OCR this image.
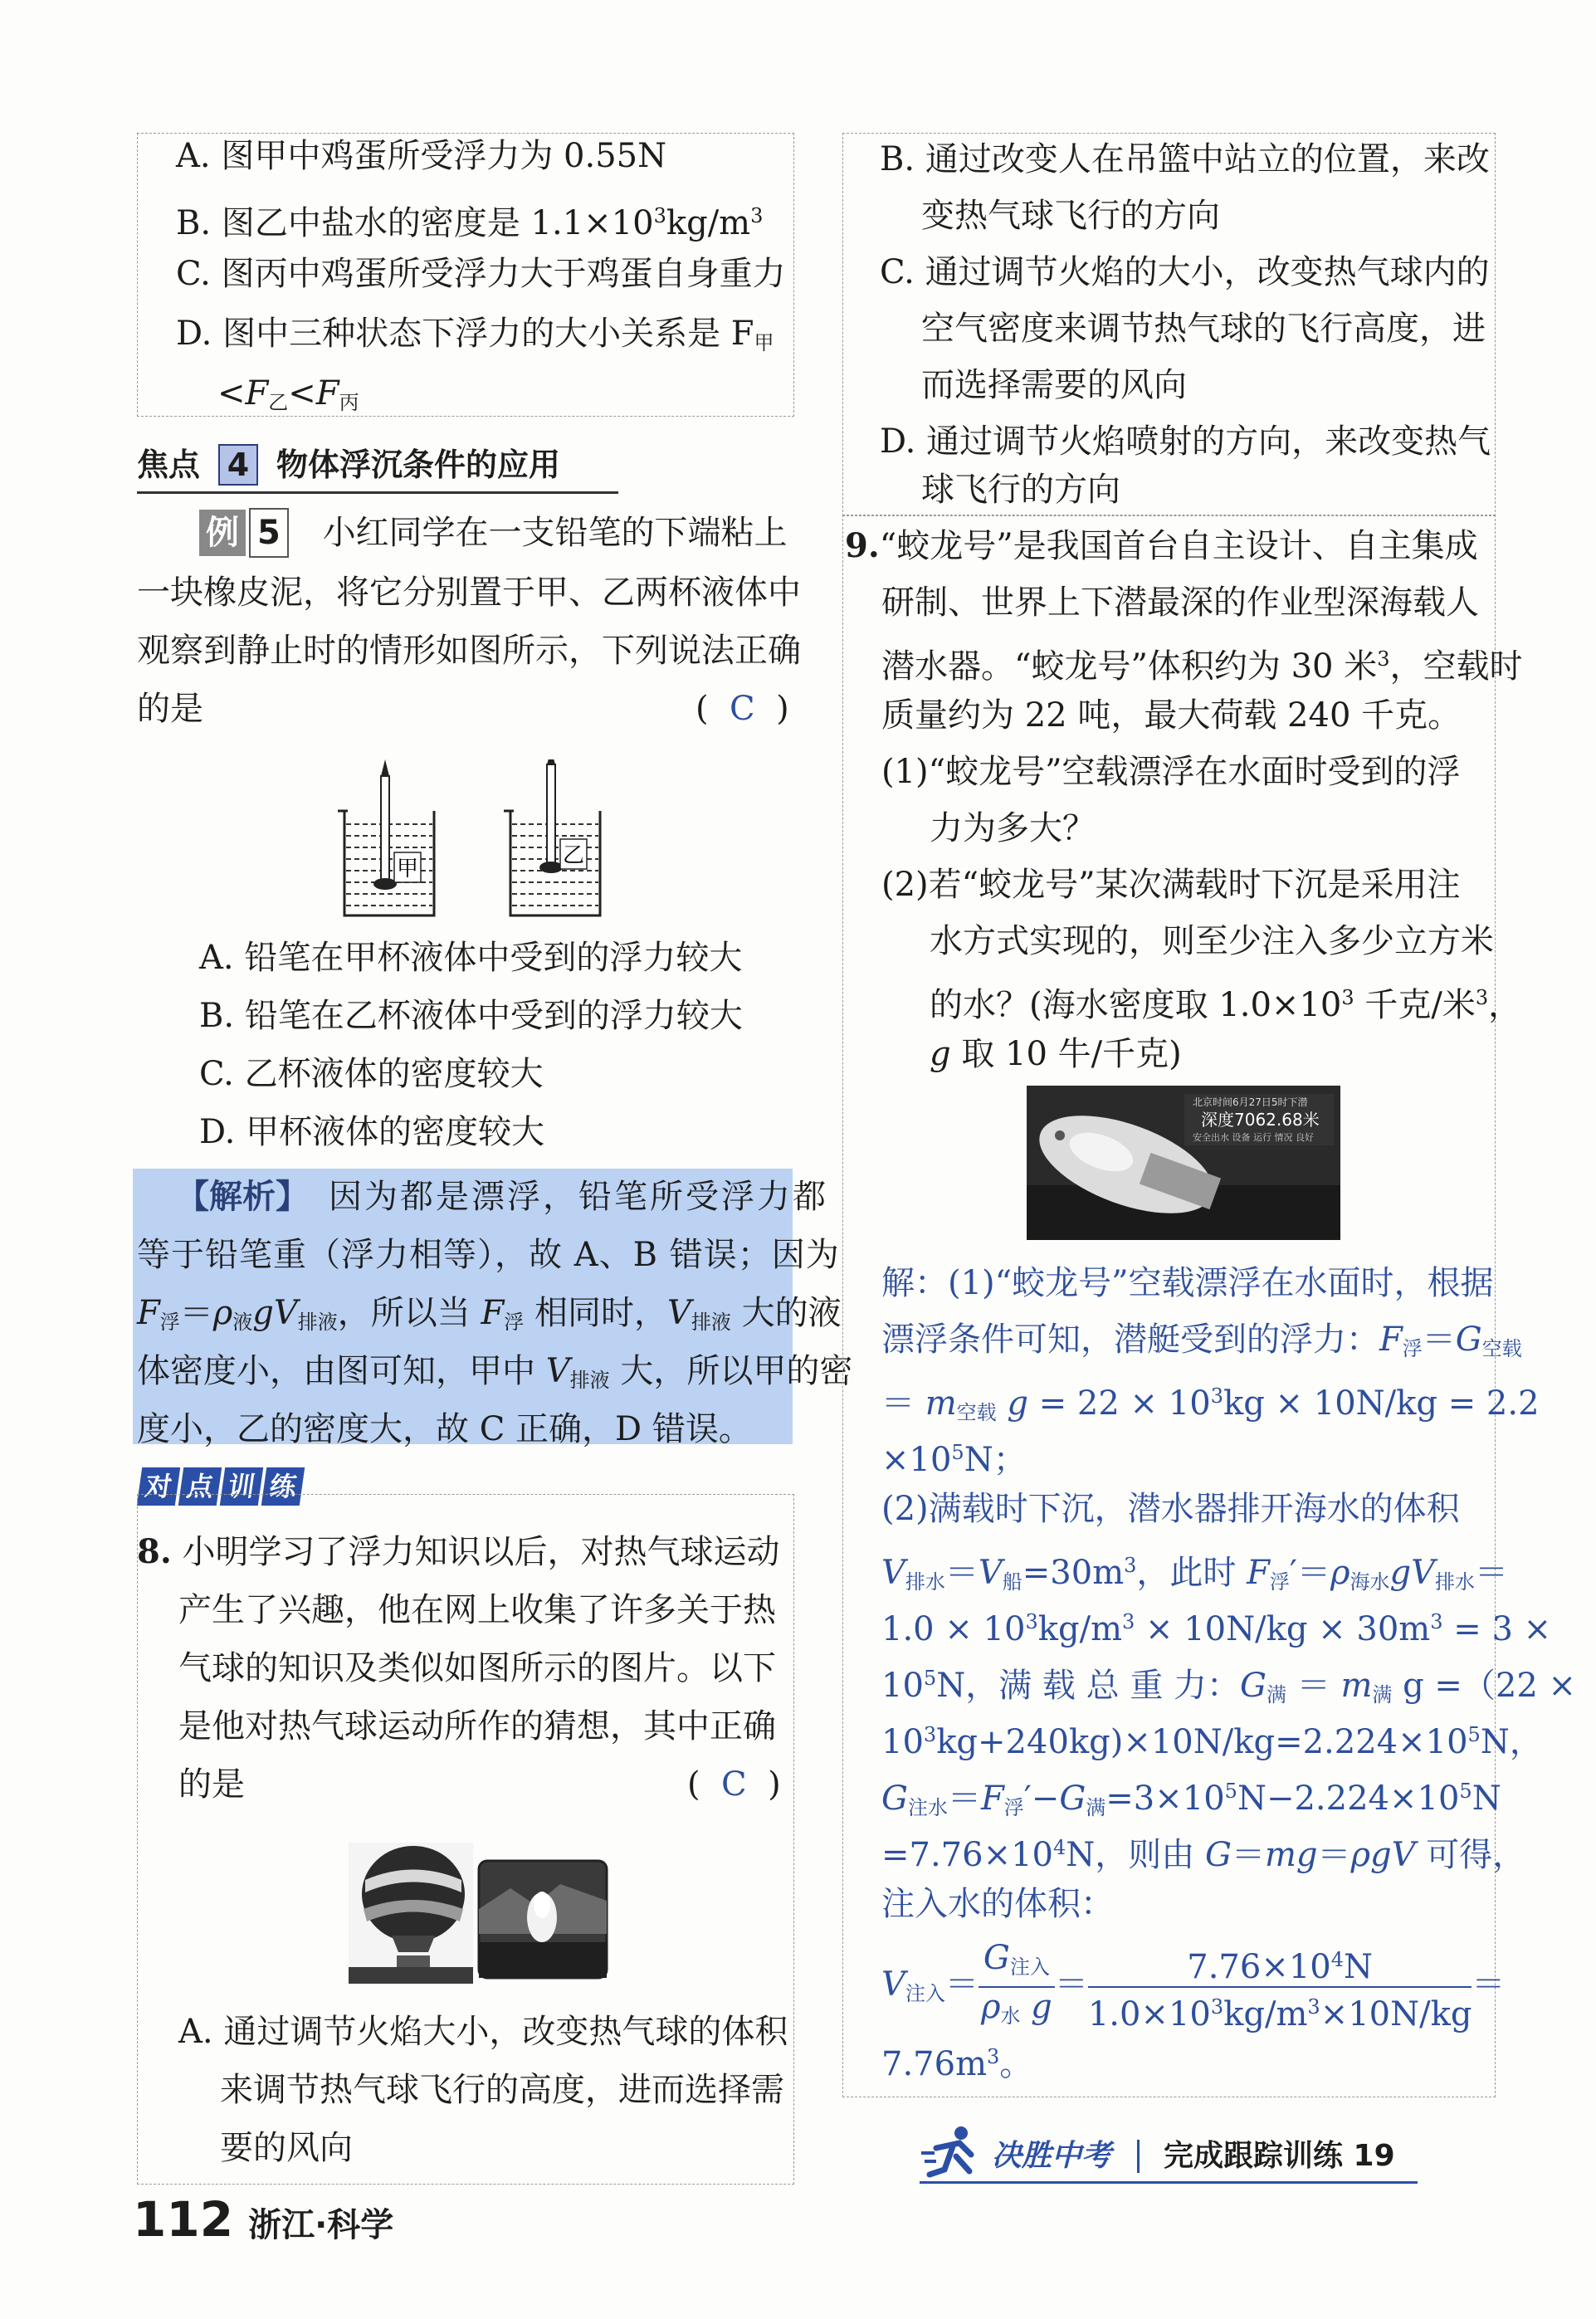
A. 图甲中鸡蛋所受浮力为 0.55N
B. 图乙中盐水的密度是 $1.1\times 10^3kg/m^3$
C. 图丙中鸡蛋所受浮力大于鸡蛋自身重力
D. 图中三种状态下浮力的大小关系是 $F_甲$
$<F_乙<F_丙$
焦点 4 物体浮沉条件的应用
例 5 小红同学在一支铅笔的下端粘上
一块橡皮泥，将它分别置于甲、乙两杯液体中
观察到静止时的情形如图所示，下列说法正确
的是	(  C  )
甲
乙
A. 铅笔在甲杯液体中受到的浮力较大
B. 铅笔在乙杯液体中受到的浮力较大
C. 乙杯液体的密度较大
D. 甲杯液体的密度较大
【解析】 因为都是漂浮，铅笔所受浮力都
等于铅笔重（浮力相等），故 A、B 错误；因为
$F_浮=\rho_液gV_{排液}$，所以当 $F_浮$ 相同时，$V_{排液}$ 大的液
体密度小，由图可知，甲中 $V_{排液}$ 大，所以甲的密
度小，乙的密度大，故 C 正确，D 错误。
对 点 训 练
8. 小明学习了浮力知识以后，对热气球运动
产生了兴趣，他在网上收集了许多关于热
气球的知识及类似如图所示的图片。以下
是他对热气球运动所作的猜想，其中正确
的是	(  C  )
A. 通过调节火焰大小，改变热气球的体积
来调节热气球飞行的高度，进而选择需
要的风向
B. 通过改变人在吊篮中站立的位置，来改
变热气球飞行的方向
C. 通过调节火焰的大小，改变热气球内的
空气密度来调节热气球的飞行高度，进
而选择需要的风向
D. 通过调节火焰喷射的方向，来改变热气
球飞行的方向
9.“蛟龙号”是我国首台自主设计、自主集成
研制、世界上下潜最深的作业型深海载人
潜水器。“蛟龙号”体积约为 30 米$^3$，空载时
质量约为 22 吨，最大荷载 240 千克。
(1)“蛟龙号”空载漂浮在水面时受到的浮
力为多大？
(2)若“蛟龙号”某次满载时下沉是采用注
水方式实现的，则至少注入多少立方米
的水？(海水密度取 $1.0\times 10^3$ 千克/米$^3$，
g 取 10 牛/千克)
北京时间6月27日5时下潜
深度7062.68米
安全出水 设备 运行 情况 良好
解：(1)“蛟龙号”空载漂浮在水面时，根据
漂浮条件可知，潜艇受到的浮力：$F_浮=G_{空载}$
＝ $m_{空载}$ $g = 22 \times 10^3kg \times 10N/kg = 2.2$
$\times 10^5N$；
(2)满载时下沉，潜水器排开海水的体积
$V_{排水}=V_船=30m^3$，此时 $F_浮'=\rho_{海水}gV_{排水}=$
$1.0 \times 10^3kg/m^3 \times 10N/kg \times 30m^3 = 3$ ×
$10^5N$，满 载 总 重 力：$G_满 = m_满$ g =（22 ×
$10^3kg+240kg)\times 10N/kg=2.224\times 10^5N$，
$G_{注水}=F_浮'-G_满=3\times 10^5N-2.224\times 10^5N$
$=7.76\times 10^4N$，则由 G＝mg＝ρgV 可得，
注入水的体积：
$V_{注入}= \frac{G_{注入}}{\rho_水 g} = \frac{7.76\times 10^4N}{1.0\times 10^3kg/m^3\times 10N/kg}$ ＝
$7.76m^3$。
112 浙江·科学
决胜中考 完成跟踪训练 19
